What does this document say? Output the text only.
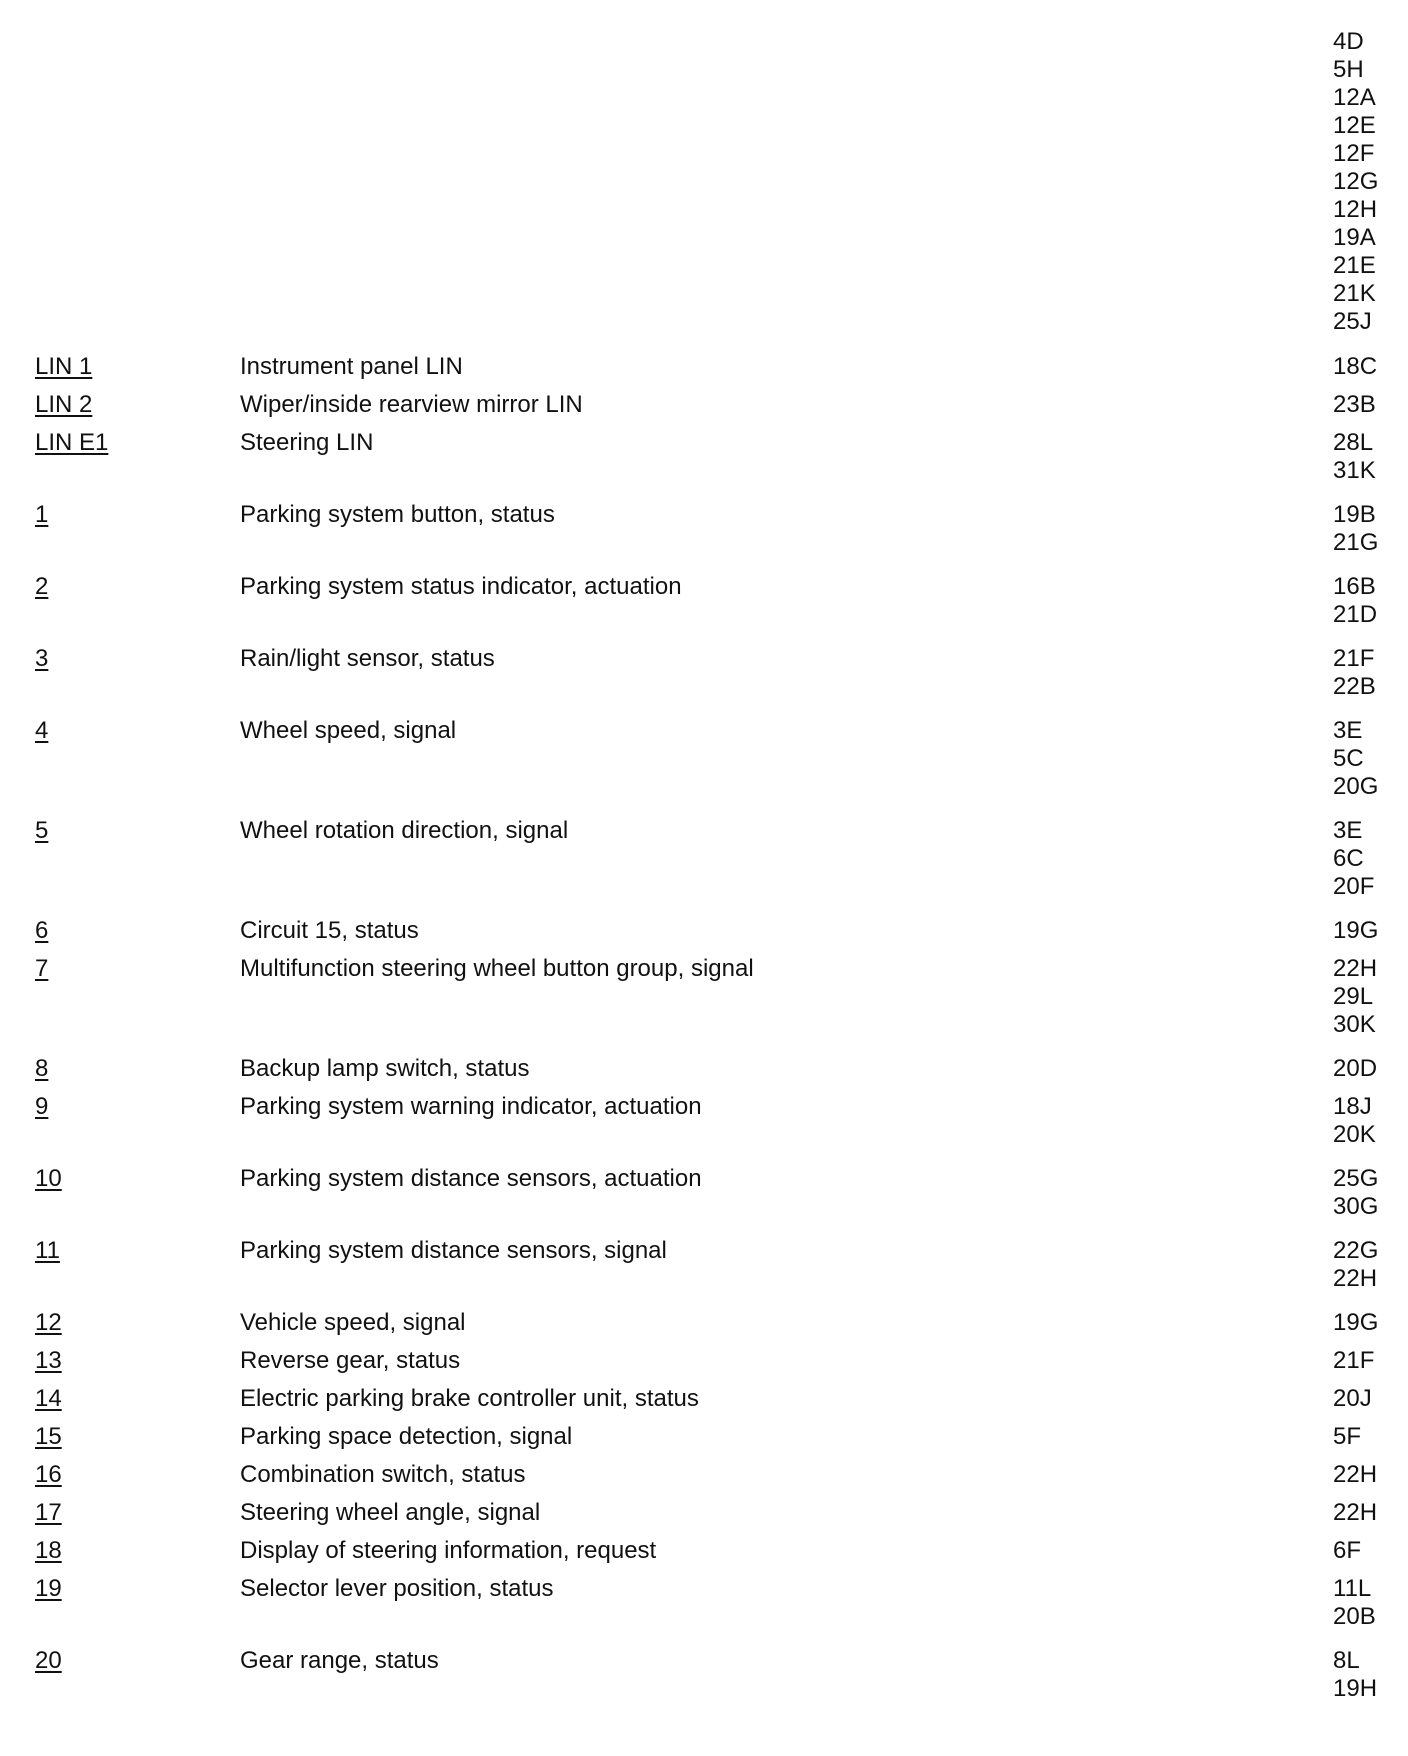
4D
5H
12A
12E
12F
12G
12H
19A
21E
21K
25J
LIN 1	Instrument panel LIN	18C
LIN 2	Wiper/inside rearview mirror LIN	23B
LIN E1	Steering LIN	28L
31K
1	Parking system button, status	19B
21G
2	Parking system status indicator, actuation	16B
21D
3	Rain/light sensor, status	21F
22B
4	Wheel speed, signal	3E
5C
20G
5	Wheel rotation direction, signal	3E
6C
20F
6	Circuit 15, status	19G
7	Multifunction steering wheel button group, signal	22H
29L
30K
8	Backup lamp switch, status	20D
9	Parking system warning indicator, actuation	18J
20K
10	Parking system distance sensors, actuation	25G
30G
11	Parking system distance sensors, signal	22G
22H
12	Vehicle speed, signal	19G
13	Reverse gear, status	21F
14	Electric parking brake controller unit, status	20J
15	Parking space detection, signal	5F
16	Combination switch, status	22H
17	Steering wheel angle, signal	22H
18	Display of steering information, request	6F
19	Selector lever position, status	11L
20B
20	Gear range, status	8L
19H
